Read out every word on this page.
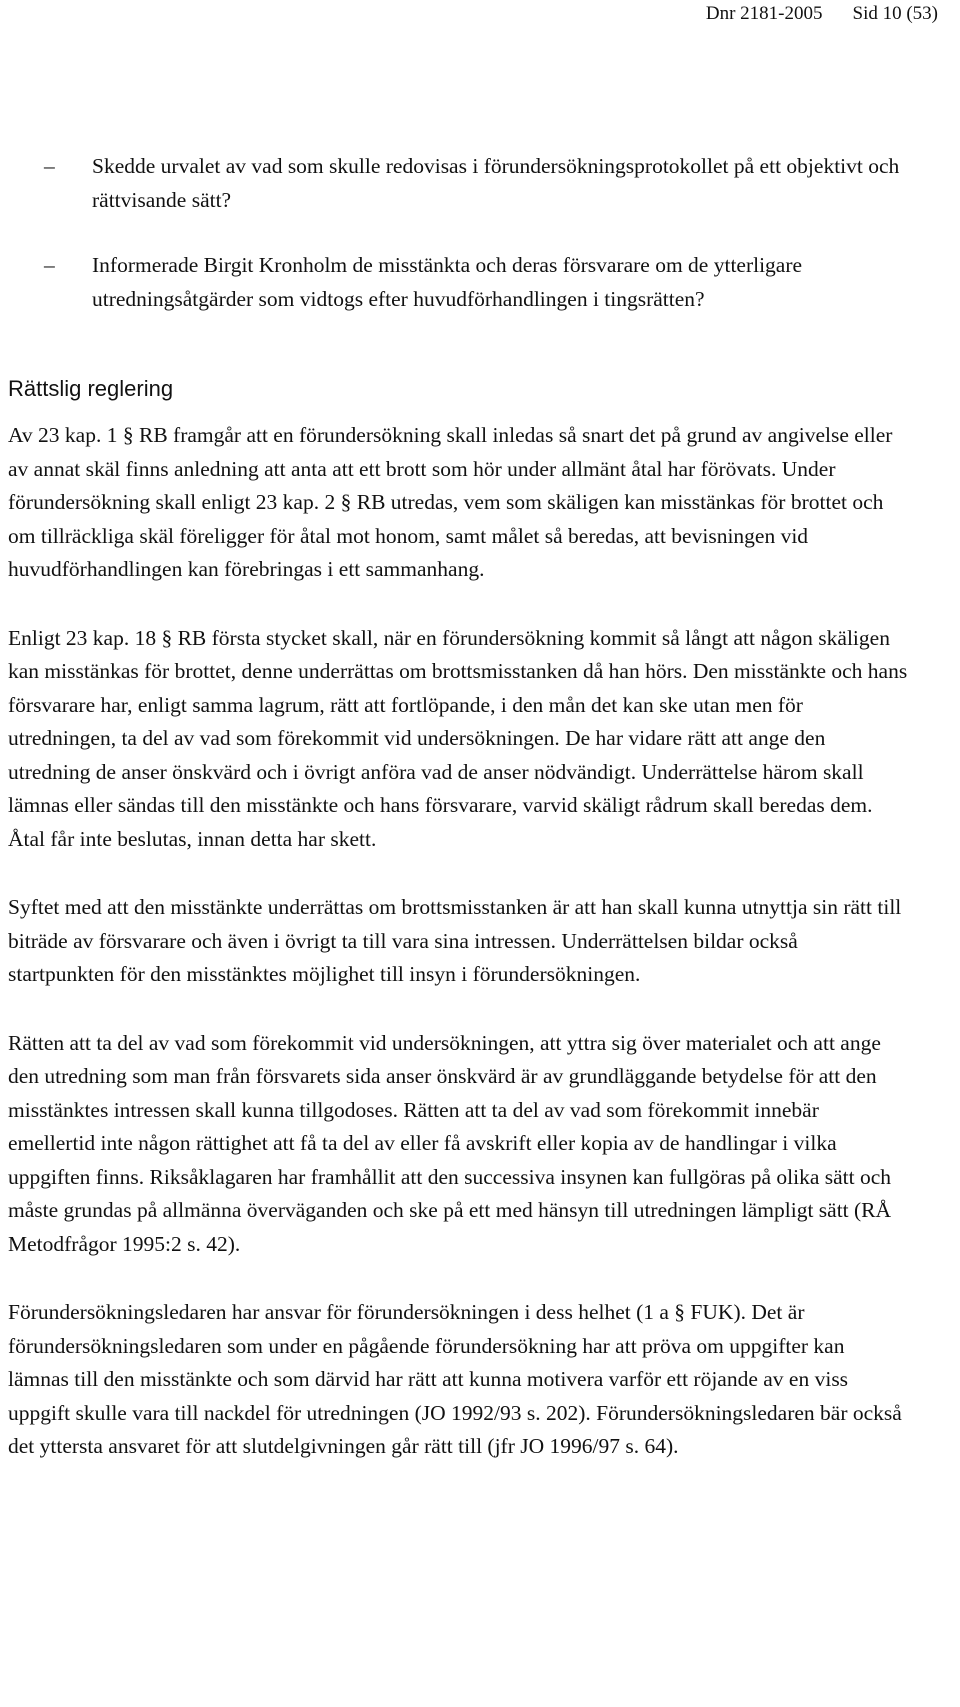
Dnr 2181-2005 Sid 10 (53)
– Skedde urvalet av vad som skulle redovisas i förundersökningsprotokollet på ett objektivt och rättvisande sätt?
– Informerade Birgit Kronholm de misstänkta och deras försvarare om de ytterligare utredningsåtgärder som vidtogs efter huvudförhandlingen i tingsrätten?
Rättslig reglering

Av 23 kap. 1 § RB framgår att en förundersökning skall inledas så snart det på grund av angivelse eller av annat skäl finns anledning att anta att ett brott som hör under allmänt åtal har förövats. Under förundersökning skall enligt 23 kap. 2 § RB utredas, vem som skäligen kan misstänkas för brottet och om tillräckliga skäl föreligger för åtal mot honom, samt målet så beredas, att bevisningen vid huvudförhandlingen kan förebringas i ett sammanhang.

Enligt 23 kap. 18 § RB första stycket skall, när en förundersökning kommit så långt att någon skäligen kan misstänkas för brottet, denne underrättas om brottsmisstanken då han hörs. Den misstänkte och hans försvarare har, enligt samma lagrum, rätt att fortlöpande, i den mån det kan ske utan men för utredningen, ta del av vad som förekommit vid undersökningen. De har vidare rätt att ange den utredning de anser önskvärd och i övrigt anföra vad de anser nödvändigt. Underrättelse härom skall lämnas eller sändas till den misstänkte och hans försvarare, varvid skäligt rådrum skall beredas dem. Åtal får inte beslutas, innan detta har skett.

Syftet med att den misstänkte underrättas om brottsmisstanken är att han skall kunna utnyttja sin rätt till biträde av försvarare och även i övrigt ta till vara sina intressen. Underrättelsen bildar också startpunkten för den misstänktes möjlighet till insyn i förundersökningen.

Rätten att ta del av vad som förekommit vid undersökningen, att yttra sig över materialet och att ange den utredning som man från försvarets sida anser önskvärd är av grundläggande betydelse för att den misstänktes intressen skall kunna tillgodoses. Rätten att ta del av vad som förekommit innebär emellertid inte någon rättighet att få ta del av eller få avskrift eller kopia av de handlingar i vilka uppgiften finns. Riksåklagaren har framhållit att den successiva insynen kan fullgöras på olika sätt och måste grundas på allmänna överväganden och ske på ett med hänsyn till utredningen lämpligt sätt (RÅ Metodfrågor 1995:2 s. 42).

Förundersökningsledaren har ansvar för förundersökningen i dess helhet (1 a § FUK). Det är förundersökningsledaren som under en pågående förundersökning har att pröva om uppgifter kan lämnas till den misstänkte och som därvid har rätt att kunna motivera varför ett röjande av en viss uppgift skulle vara till nackdel för utredningen (JO 1992/93 s. 202). Förundersökningsledaren bär också det yttersta ansvaret för att slutdelgivningen går rätt till (jfr JO 1996/97 s. 64).
